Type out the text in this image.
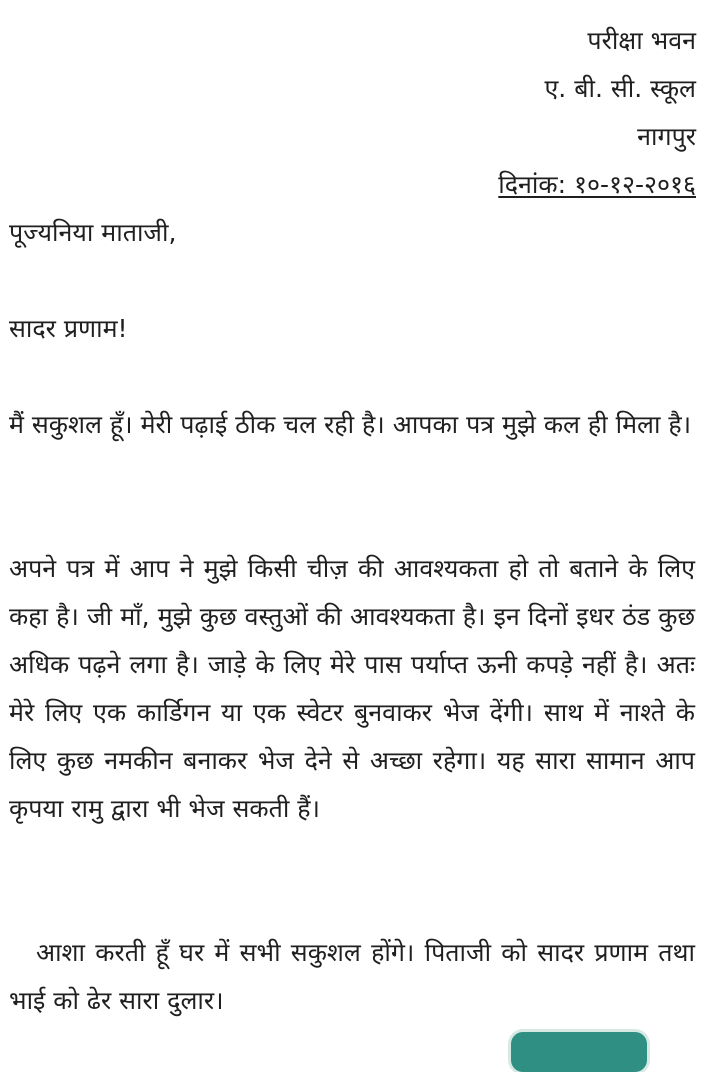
परीक्षा भवन
ए. बी. सी. स्कूल
नागपुर
दिनांक: १०-१२-२०१६
पूज्यनिया माताजी,
सादर प्रणाम!
मैं सकुशल हूँ। मेरी पढ़ाई ठीक चल रही है। आपका पत्र मुझे कल ही मिला है।
अपने पत्र में आप ने मुझे किसी चीज़ की आवश्यकता हो तो बताने के लिए कहा है। जी माँ, मुझे कुछ वस्तुओं की आवश्यकता है। इन दिनों इधर ठंड कुछ अधिक पढ़ने लगा है। जाड़े के लिए मेरे पास पर्याप्त ऊनी कपड़े नहीं है। अतः मेरे लिए एक कार्डिगन या एक स्वेटर बुनवाकर भेज देंगी। साथ में नाश्ते के लिए कुछ नमकीन बनाकर भेज देने से अच्छा रहेगा। यह सारा सामान आप कृपया रामु द्वारा भी भेज सकती हैं।
आशा करती हूँ घर में सभी सकुशल होंगे। पिताजी को सादर प्रणाम तथा भाई को ढेर सारा दुलार।
